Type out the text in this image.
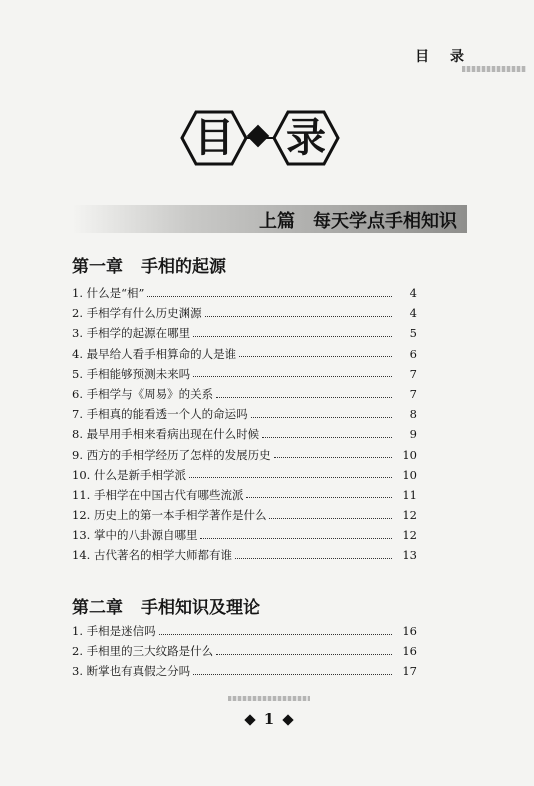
目 录
目 录
上篇　每天学点手相知识
第一章 手相的起源
1. 什么是“相”	4
2. 手相学有什么历史渊源	4
3. 手相学的起源在哪里	5
4. 最早给人看手相算命的人是谁	6
5. 手相能够预测未来吗	7
6. 手相学与《周易》的关系	7
7. 手相真的能看透一个人的命运吗	8
8. 最早用手相来看病出现在什么时候	9
9. 西方的手相学经历了怎样的发展历史	10
10. 什么是新手相学派	10
11. 手相学在中国古代有哪些流派	11
12. 历史上的第一本手相学著作是什么	12
13. 掌中的八卦源自哪里	12
14. 古代著名的相学大师都有谁	13
第二章 手相知识及理论
1. 手相是迷信吗	16
2. 手相里的三大纹路是什么	16
3. 断掌也有真假之分吗	17
1
